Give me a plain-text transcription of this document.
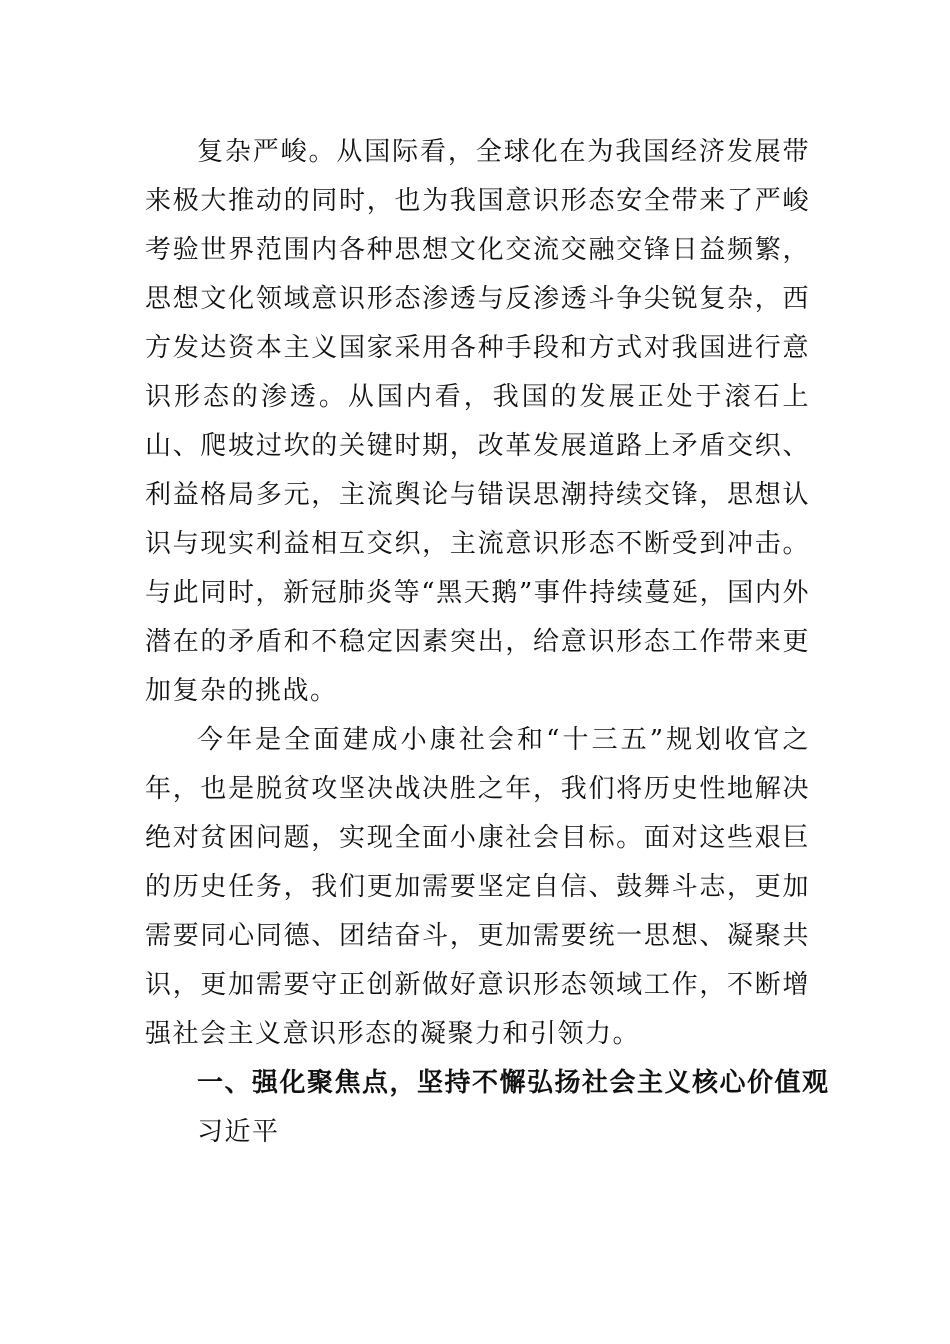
复杂严峻。从国际看，全球化在为我国经济发展带来极大推动的同时，也为我国意识形态安全带来了严峻考验世界范围内各种思想文化交流交融交锋日益频繁，思想文化领域意识形态渗透与反渗透斗争尖锐复杂，西方发达资本主义国家采用各种手段和方式对我国进行意识形态的渗透。从国内看，我国的发展正处于滚石上山、爬坡过坎的关键时期，改革发展道路上矛盾交织、利益格局多元，主流舆论与错误思潮持续交锋，思想认识与现实利益相互交织，主流意识形态不断受到冲击。与此同时，新冠肺炎等“黑天鹅”事件持续蔓延，国内外潜在的矛盾和不稳定因素突出，给意识形态工作带来更加复杂的挑战。

今年是全面建成小康社会和“十三五”规划收官之年，也是脱贫攻坚决战决胜之年，我们将历史性地解决绝对贫困问题，实现全面小康社会目标。面对这些艰巨的历史任务，我们更加需要坚定自信、鼓舞斗志，更加需要同心同德、团结奋斗，更加需要统一思想、凝聚共识，更加需要守正创新做好意识形态领域工作，不断增强社会主义意识形态的凝聚力和引领力。

一、强化聚焦点，坚持不懈弘扬社会主义核心价值观

习近平
